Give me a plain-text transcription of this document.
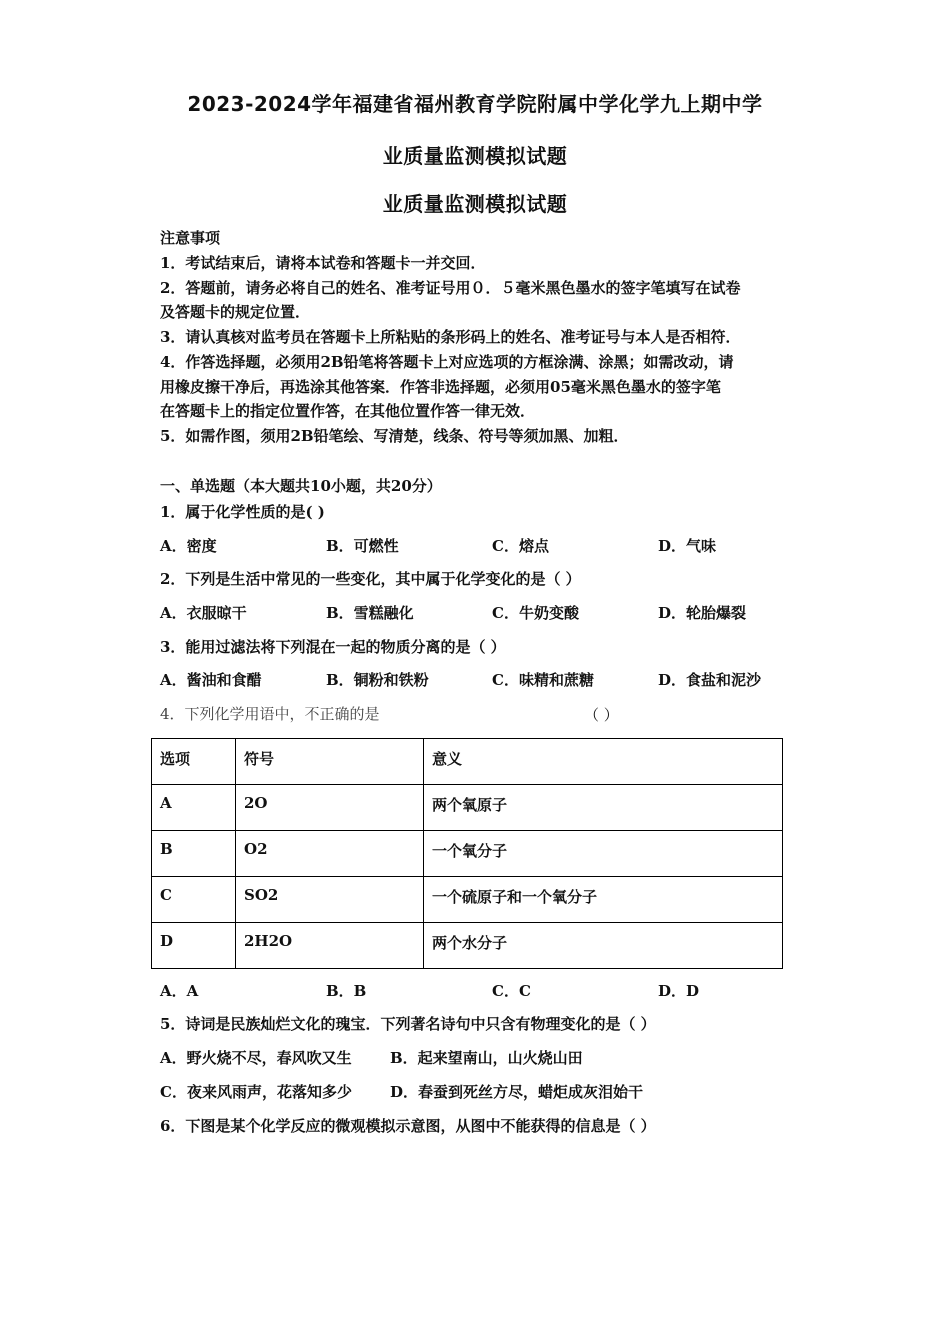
2023-2024学年福建省福州教育学院附属中学化学九上期中学
业质量监测模拟试题
业质量监测模拟试题
注意事项
1．考试结束后，请将本试卷和答题卡一并交回．
2．答题前，请务必将自己的姓名、准考证号用０．５毫米黑色墨水的签字笔填写在试卷
及答题卡的规定位置．
3．请认真核对监考员在答题卡上所粘贴的条形码上的姓名、准考证号与本人是否相符．
4．作答选择题，必须用2B铅笔将答题卡上对应选项的方框涂满、涂黑；如需改动，请
用橡皮擦干净后，再选涂其他答案．作答非选择题，必须用05毫米黑色墨水的签字笔
在答题卡上的指定位置作答，在其他位置作答一律无效．
5．如需作图，须用2B铅笔绘、写清楚，线条、符号等须加黑、加粗．
一、单选题（本大题共10小题，共20分）
1．属于化学性质的是( )
A．密度	B．可燃性	C．熔点	D．气味
2．下列是生活中常见的一些变化，其中属于化学变化的是（ ）
A．衣服晾干	B．雪糕融化	C．牛奶变酸	D．轮胎爆裂
3．能用过滤法将下列混在一起的物质分离的是（ ）
A．酱油和食醋	B．铜粉和铁粉	C．味精和蔗糖	D．食盐和泥沙
4．下列化学用语中，不正确的是	（ ）
选项	符号	意义
A	2O	两个氧原子
B	O2	一个氧分子
C	SO2	一个硫原子和一个氧分子
D	2H2O	两个水分子
A．A	B．B	C．C	D．D
5．诗词是民族灿烂文化的瑰宝．下列著名诗句中只含有物理变化的是（ ）
A．野火烧不尽，春风吹又生	B．起来望南山，山火烧山田
C．夜来风雨声，花落知多少	D．春蚕到死丝方尽，蜡炬成灰泪始干
6．下图是某个化学反应的微观模拟示意图，从图中不能获得的信息是（ ）
